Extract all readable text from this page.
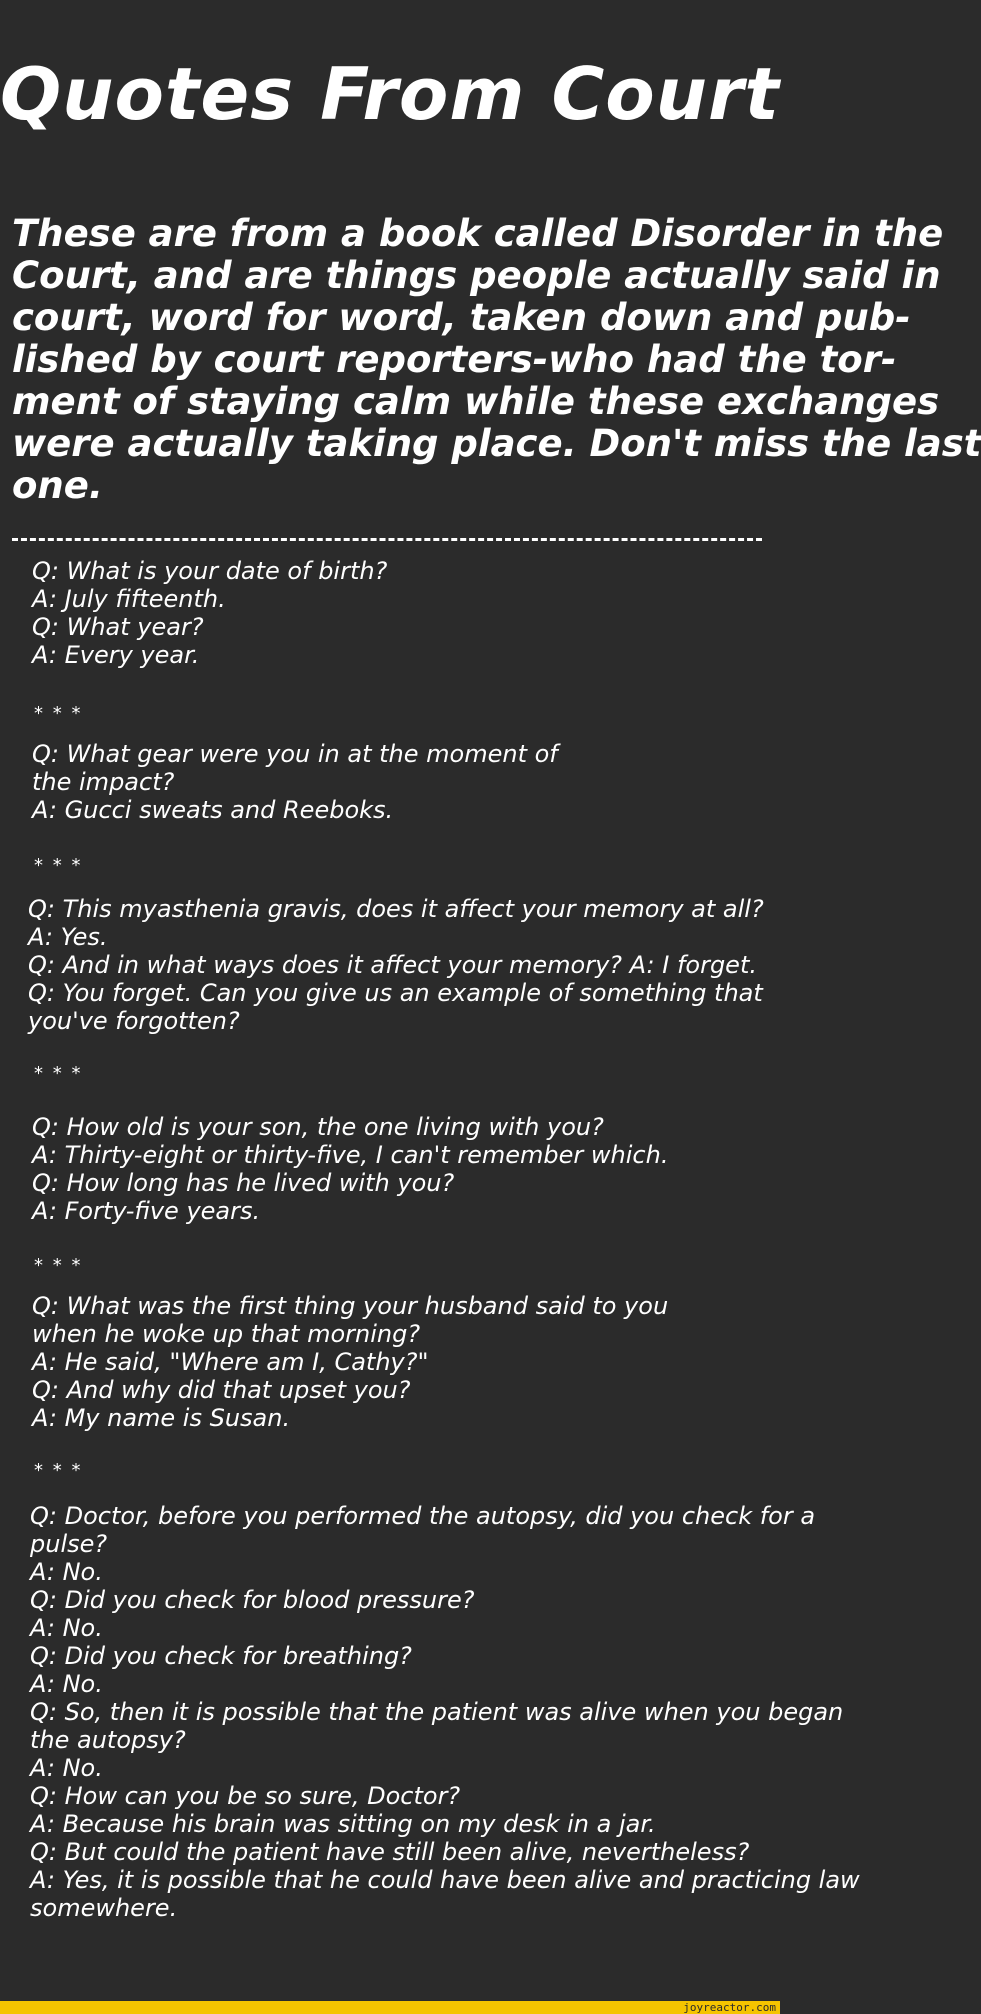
Quotes From Court
These are from a book called Disorder in the
Court, and are things people actually said in
court, word for word, taken down and pub-
lished by court reporters-who had the tor-
ment of staying calm while these exchanges
were actually taking place. Don't miss the last
one.
Q: What is your date of birth?
A: July fifteenth.
Q: What year?
A: Every year.
* * *
Q: What gear were you in at the moment of
the impact?
A: Gucci sweats and Reeboks.
* * *
Q: This myasthenia gravis, does it affect your memory at all?
A: Yes.
Q: And in what ways does it affect your memory? A: I forget.
Q: You forget. Can you give us an example of something that
you've forgotten?
* * *
Q: How old is your son, the one living with you?
A: Thirty-eight or thirty-five, I can't remember which.
Q: How long has he lived with you?
A: Forty-five years.
* * *
Q: What was the first thing your husband said to you
when he woke up that morning?
A: He said, "Where am I, Cathy?"
Q: And why did that upset you?
A: My name is Susan.
* * *
Q: Doctor, before you performed the autopsy, did you check for a
pulse?
A: No.
Q: Did you check for blood pressure?
A: No.
Q: Did you check for breathing?
A: No.
Q: So, then it is possible that the patient was alive when you began
the autopsy?
A: No.
Q: How can you be so sure, Doctor?
A: Because his brain was sitting on my desk in a jar.
Q: But could the patient have still been alive, nevertheless?
A: Yes, it is possible that he could have been alive and practicing law
somewhere.
joyreactor.com
